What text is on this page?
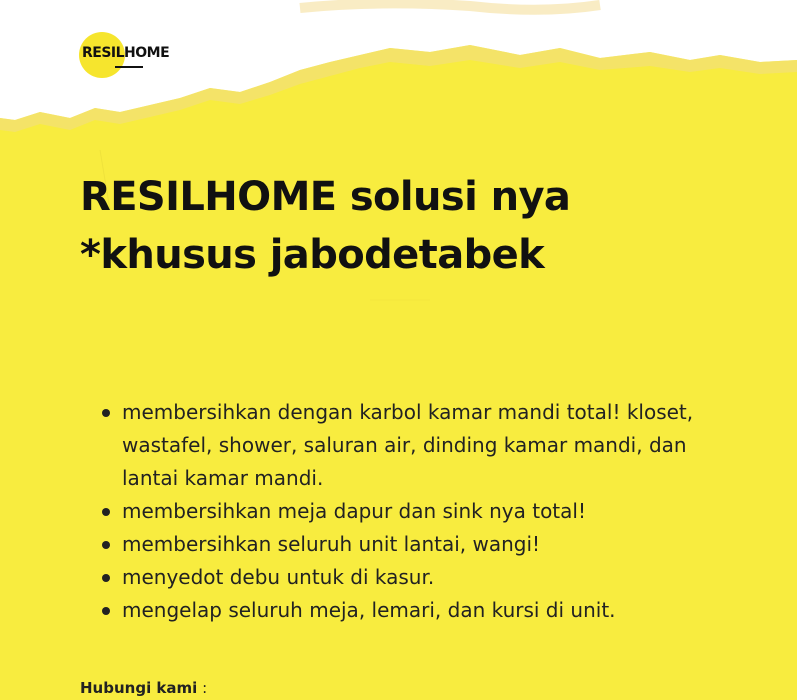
RESILHOME
RESILHOME solusi nya
*khusus jabodetabek
membersihkan dengan karbol kamar mandi total! kloset, wastafel, shower, saluran air, dinding kamar mandi, dan lantai kamar mandi.
membersihkan meja dapur dan sink nya total!
membersihkan seluruh unit lantai, wangi!
menyedot debu untuk di kasur.
mengelap seluruh meja, lemari, dan kursi di unit.
Hubungi kami :
